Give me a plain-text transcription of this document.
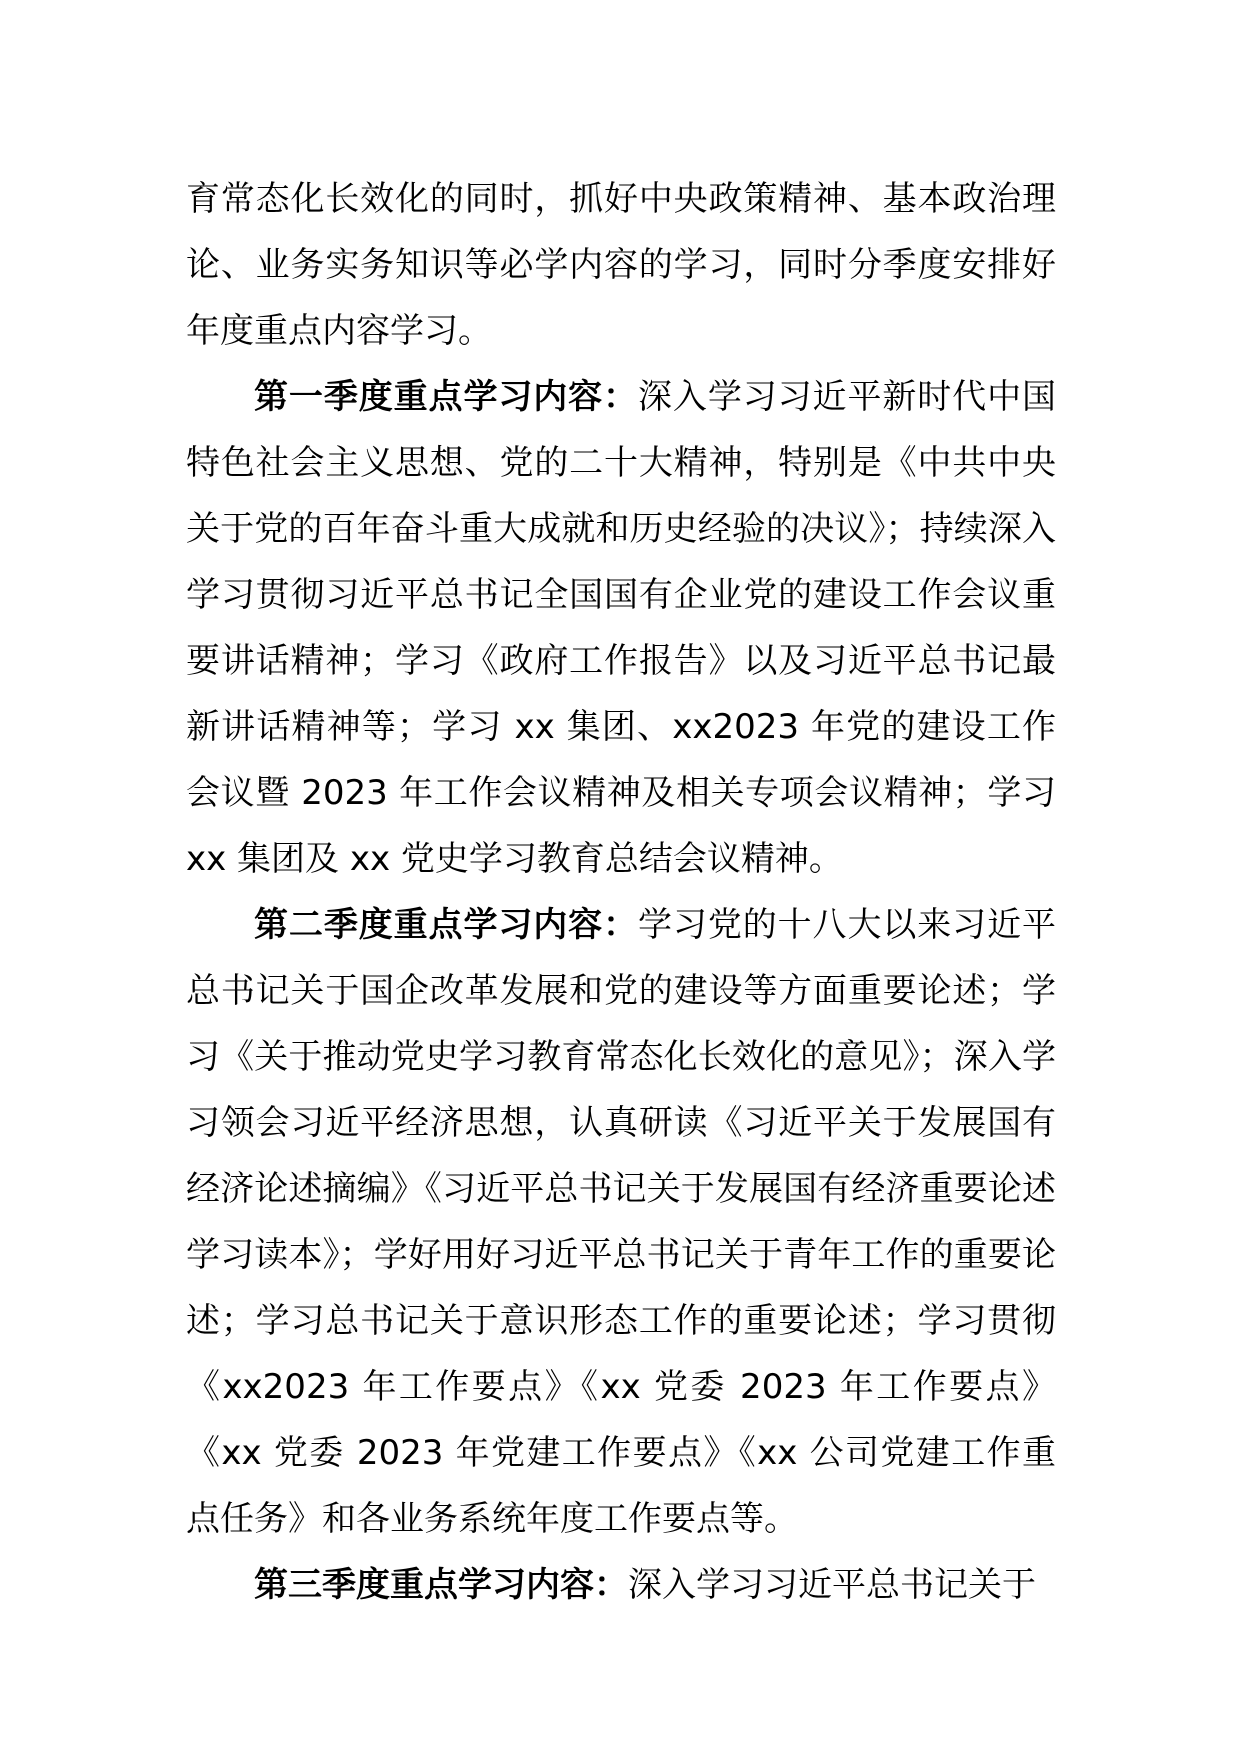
育常态化长效化的同时，抓好中央政策精神、基本政治理论、业务实务知识等必学内容的学习，同时分季度安排好年度重点内容学习。

第一季度重点学习内容：深入学习习近平新时代中国特色社会主义思想、党的二十大精神，特别是《中共中央关于党的百年奋斗重大成就和历史经验的决议》；持续深入学习贯彻习近平总书记全国国有企业党的建设工作会议重要讲话精神；学习《政府工作报告》以及习近平总书记最新讲话精神等；学习 xx 集团、xx2023 年党的建设工作会议暨 2023 年工作会议精神及相关专项会议精神；学习 xx 集团及 xx 党史学习教育总结会议精神。

第二季度重点学习内容：学习党的十八大以来习近平总书记关于国企改革发展和党的建设等方面重要论述；学习《关于推动党史学习教育常态化长效化的意见》；深入学习领会习近平经济思想，认真研读《习近平关于发展国有经济论述摘编》《习近平总书记关于发展国有经济重要论述学习读本》；学好用好习近平总书记关于青年工作的重要论述；学习总书记关于意识形态工作的重要论述；学习贯彻《xx2023 年工作要点》《xx 党委 2023 年工作要点》《xx 党委 2023 年党建工作要点》《xx 公司党建工作重点任务》和各业务系统年度工作要点等。

第三季度重点学习内容：深入学习习近平总书记关于
